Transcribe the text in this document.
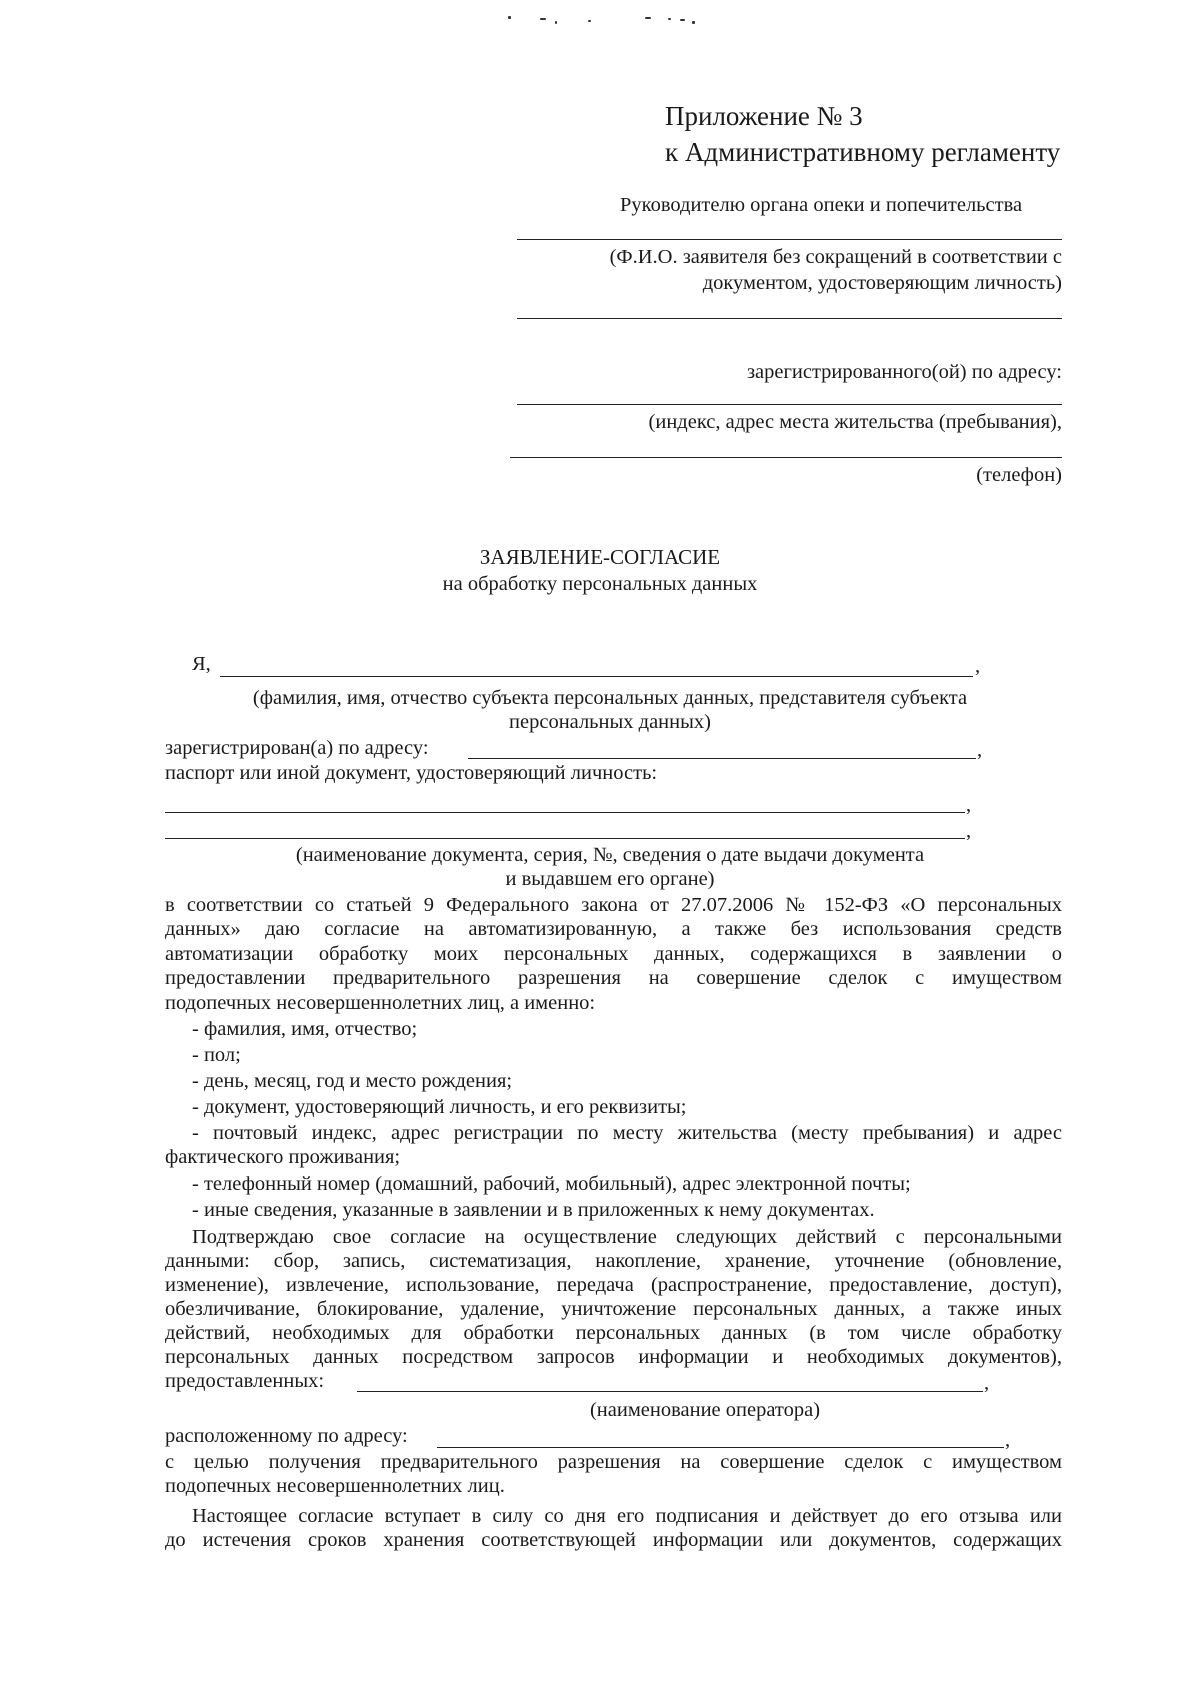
Приложение № 3
к Административному регламенту
Руководителю органа опеки и попечительства
(Ф.И.О. заявителя без сокращений в соответствии с
документом, удостоверяющим личность)
зарегистрированного(ой) по адресу:
(индекс, адрес места жительства (пребывания),
(телефон)
ЗАЯВЛЕНИЕ-СОГЛАСИЕ
на обработку персональных данных
Я,	,
(фамилия, имя, отчество субъекта персональных данных, представителя субъекта
персональных данных)
зарегистрирован(а) по адресу:	,
паспорт или иной документ, удостоверяющий личность:
,
,
(наименование документа, серия, №, сведения о дате выдачи документа
и выдавшем его органе)
в соответствии со статьей 9 Федерального закона от 27.07.2006 № 152-ФЗ «О персональных
данных» даю согласие на автоматизированную, а также без использования средств
автоматизации обработку моих персональных данных, содержащихся в заявлении о
предоставлении предварительного разрешения на совершение сделок с имуществом
подопечных несовершеннолетних лиц, а именно:
- фамилия, имя, отчество;
- пол;
- день, месяц, год и место рождения;
- документ, удостоверяющий личность, и его реквизиты;
- почтовый индекс, адрес регистрации по месту жительства (месту пребывания) и адрес
фактического проживания;
- телефонный номер (домашний, рабочий, мобильный), адрес электронной почты;
- иные сведения, указанные в заявлении и в приложенных к нему документах.
Подтверждаю свое согласие на осуществление следующих действий с персональными
данными: сбор, запись, систематизация, накопление, хранение, уточнение (обновление,
изменение), извлечение, использование, передача (распространение, предоставление, доступ),
обезличивание, блокирование, удаление, уничтожение персональных данных, а также иных
действий, необходимых для обработки персональных данных (в том числе обработку
персональных данных посредством запросов информации и необходимых документов),
предоставленных:	,
(наименование оператора)
расположенному по адресу:	,
с целью получения предварительного разрешения на совершение сделок с имуществом
подопечных несовершеннолетних лиц.
Настоящее согласие вступает в силу со дня его подписания и действует до его отзыва или
до истечения сроков хранения соответствующей информации или документов, содержащих
